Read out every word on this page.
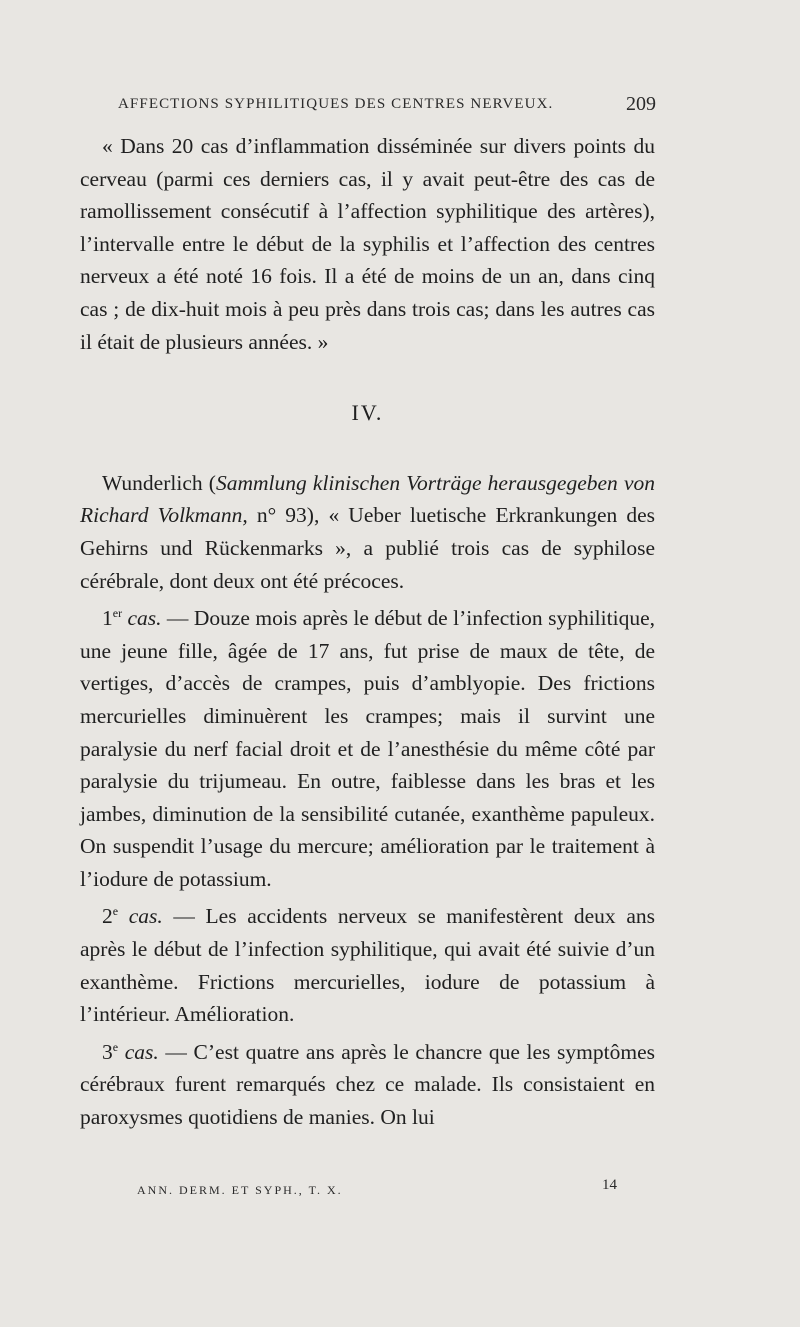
AFFECTIONS SYPHILITIQUES DES CENTRES NERVEUX.	209

« Dans 20 cas d’inflammation disséminée sur divers points du cerveau (parmi ces derniers cas, il y avait peut-être des cas de ramollissement consécutif à l’affection syphilitique des artères), l’intervalle entre le début de la syphilis et l’affection des centres nerveux a été noté 16 fois. Il a été de moins de un an, dans cinq cas ; de dix-huit mois à peu près dans trois cas; dans les autres cas il était de plusieurs années. »

IV.

Wunderlich (Sammlung klinischen Vorträge herausgegeben von Richard Volkmann, n° 93), « Ueber luetische Erkrankungen des Gehirns und Rückenmarks », a publié trois cas de syphilose cérébrale, dont deux ont été précoces.

1er cas. — Douze mois après le début de l’infection syphilitique, une jeune fille, âgée de 17 ans, fut prise de maux de tête, de vertiges, d’accès de crampes, puis d’amblyopie. Des frictions mercurielles diminuèrent les crampes; mais il survint une paralysie du nerf facial droit et de l’anesthésie du même côté par paralysie du trijumeau. En outre, faiblesse dans les bras et les jambes, diminution de la sensibilité cutanée, exanthème papuleux. On suspendit l’usage du mercure; amélioration par le traitement à l’iodure de potassium.

2e cas. — Les accidents nerveux se manifestèrent deux ans après le début de l’infection syphilitique, qui avait été suivie d’un exanthème. Frictions mercurielles, iodure de potassium à l’intérieur. Amélioration.

3e cas. — C’est quatre ans après le chancre que les symptômes cérébraux furent remarqués chez ce malade. Ils consistaient en paroxysmes quotidiens de manies. On lui

ANN. DERM. ET SYPH., T. X.	14
